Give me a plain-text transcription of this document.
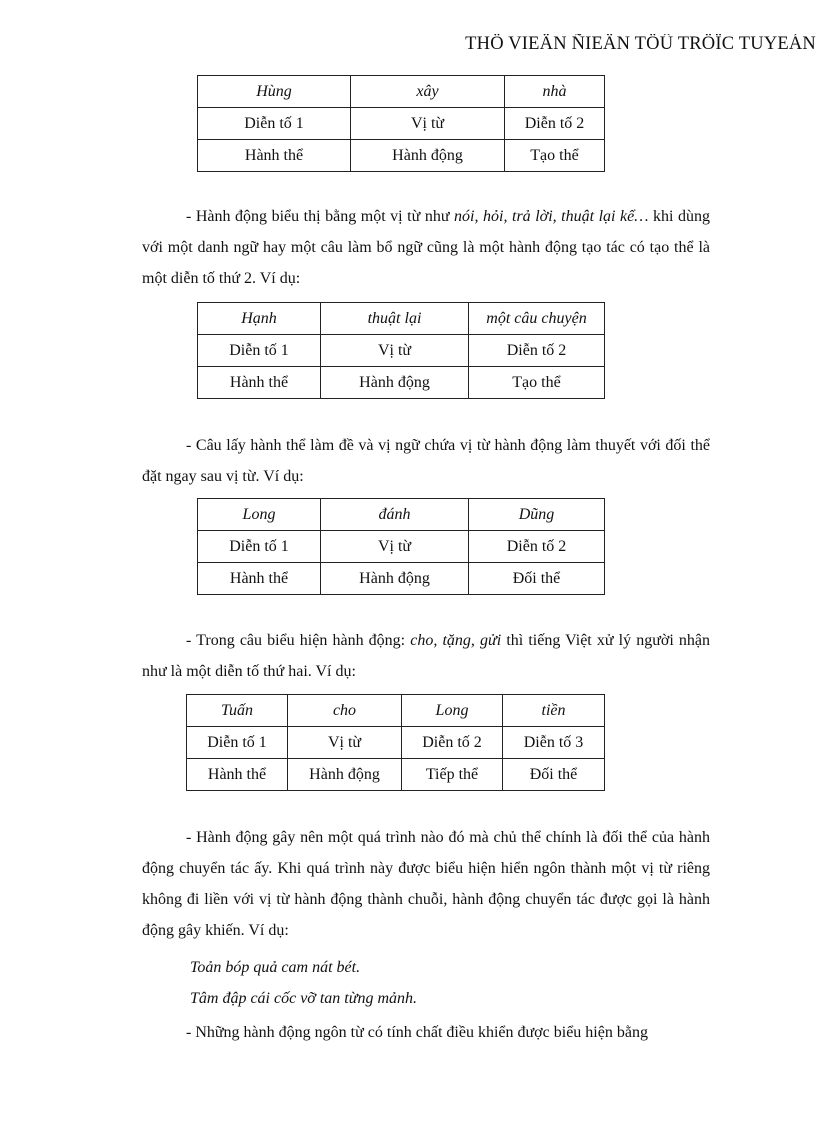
THÖ VIEÄN ÑIEÄN TÖÛ TRÖÏC TUYEÁN
Hùng	xây	nhà
Diễn tố 1	Vị từ	Diễn tố 2
Hành thể	Hành động	Tạo thể

- Hành động biểu thị bằng một vị từ như nói, hỏi, trả lời, thuật lại kể… khi dùng với một danh ngữ hay một câu làm bổ ngữ cũng là một hành động tạo tác có tạo thể là một diễn tố thứ 2. Ví dụ:

Hạnh	thuật lại	một câu chuyện
Diễn tố 1	Vị từ	Diễn tố 2
Hành thể	Hành động	Tạo thể

- Câu lấy hành thể làm đề và vị ngữ chứa vị từ hành động làm thuyết với đối thể đặt ngay sau vị từ. Ví dụ:

Long	đánh	Dũng
Diễn tố 1	Vị từ	Diễn tố 2
Hành thể	Hành động	Đối thể

- Trong câu biểu hiện hành động: cho, tặng, gửi thì tiếng Việt xử lý người nhận như là một diễn tố thứ hai. Ví dụ:

Tuấn	cho	Long	tiền
Diễn tố 1	Vị từ	Diễn tố 2	Diễn tố 3
Hành thể	Hành động	Tiếp thể	Đối thể

- Hành động gây nên một quá trình nào đó mà chủ thể chính là đối thể của hành động chuyển tác ấy. Khi quá trình này được biểu hiện hiển ngôn thành một vị từ riêng không đi liền với vị từ hành động thành chuỗi, hành động chuyển tác được gọi là hành động gây khiến. Ví dụ:

Toản bóp quả cam nát bét.

Tâm đập cái cốc vỡ tan từng mảnh.

- Những hành động ngôn từ có tính chất điều khiển được biểu hiện bằng
